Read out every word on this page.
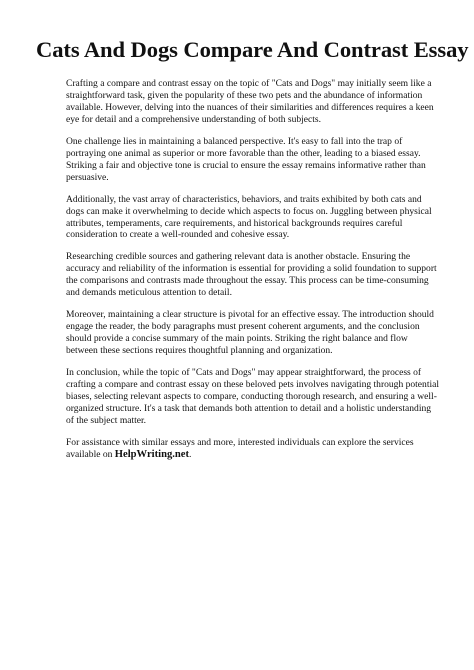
Cats And Dogs Compare And Contrast Essay

Crafting a compare and contrast essay on the topic of "Cats and Dogs" may initially seem like a straightforward task, given the popularity of these two pets and the abundance of information available. However, delving into the nuances of their similarities and differences requires a keen eye for detail and a comprehensive understanding of both subjects.

One challenge lies in maintaining a balanced perspective. It's easy to fall into the trap of portraying one animal as superior or more favorable than the other, leading to a biased essay. Striking a fair and objective tone is crucial to ensure the essay remains informative rather than persuasive.

Additionally, the vast array of characteristics, behaviors, and traits exhibited by both cats and dogs can make it overwhelming to decide which aspects to focus on. Juggling between physical attributes, temperaments, care requirements, and historical backgrounds requires careful consideration to create a well-rounded and cohesive essay.

Researching credible sources and gathering relevant data is another obstacle. Ensuring the accuracy and reliability of the information is essential for providing a solid foundation to support the comparisons and contrasts made throughout the essay. This process can be time-consuming and demands meticulous attention to detail.

Moreover, maintaining a clear structure is pivotal for an effective essay. The introduction should engage the reader, the body paragraphs must present coherent arguments, and the conclusion should provide a concise summary of the main points. Striking the right balance and flow between these sections requires thoughtful planning and organization.

In conclusion, while the topic of "Cats and Dogs" may appear straightforward, the process of crafting a compare and contrast essay on these beloved pets involves navigating through potential biases, selecting relevant aspects to compare, conducting thorough research, and ensuring a well-organized structure. It's a task that demands both attention to detail and a holistic understanding of the subject matter.

For assistance with similar essays and more, interested individuals can explore the services available on HelpWriting.net.
